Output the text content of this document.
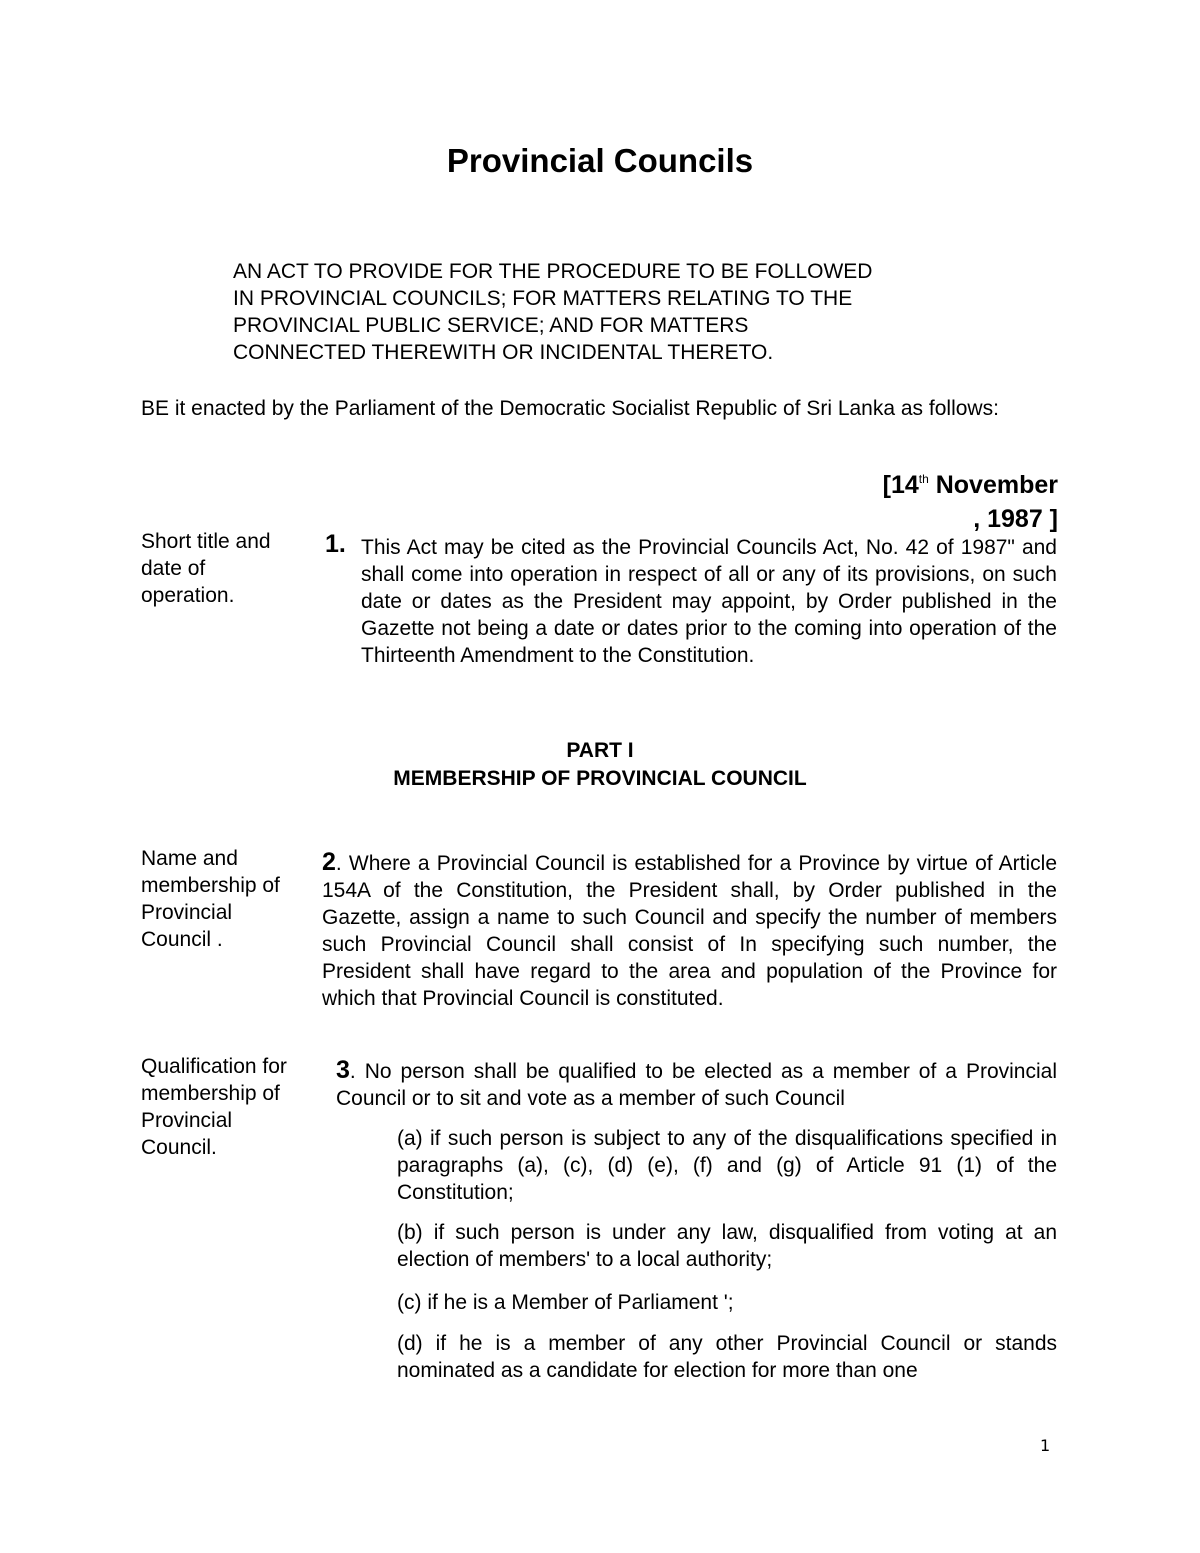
Provincial Councils
AN ACT TO PROVIDE FOR THE PROCEDURE TO BE FOLLOWED
IN PROVINCIAL COUNCILS; FOR MATTERS RELATING TO THE
PROVINCIAL PUBLIC SERVICE; AND FOR MATTERS
CONNECTED THEREWITH OR INCIDENTAL THERETO.
BE it enacted by the Parliament of the Democratic Socialist Republic of Sri Lanka as follows:
[14th November
, 1987 ]
Short title and
date of
operation.
1. This Act may be cited as the Provincial Councils Act, No. 42 of 1987" and shall come into operation in respect of all or any of its provisions, on such date or dates as the President may appoint, by Order published in the Gazette not being a date or dates prior to the coming into operation of the Thirteenth Amendment to the Constitution.
PART I
MEMBERSHIP OF PROVINCIAL COUNCIL
Name and
membership of
Provincial
Council .
2. Where a Provincial Council is established for a Province by virtue of Article 154A of the Constitution, the President shall, by Order published in the Gazette, assign a name to such Council and specify the number of members such Provincial Council shall consist of In specifying such number, the President shall have regard to the area and population of the Province for which that Provincial Council is constituted.
Qualification for
membership of
Provincial
Council.
3. No person shall be qualified to be elected as a member of a Provincial Council or to sit and vote as a member of such Council
(a) if such person is subject to any of the disqualifications specified in paragraphs (a), (c), (d) (e), (f) and (g) of Article 91 (1) of the Constitution;
(b) if such person is under any law, disqualified from voting at an election of members' to a local authority;
(c) if he is a Member of Parliament ';
(d) if he is a member of any other Provincial Council or stands nominated as a candidate for election for more than one
1
